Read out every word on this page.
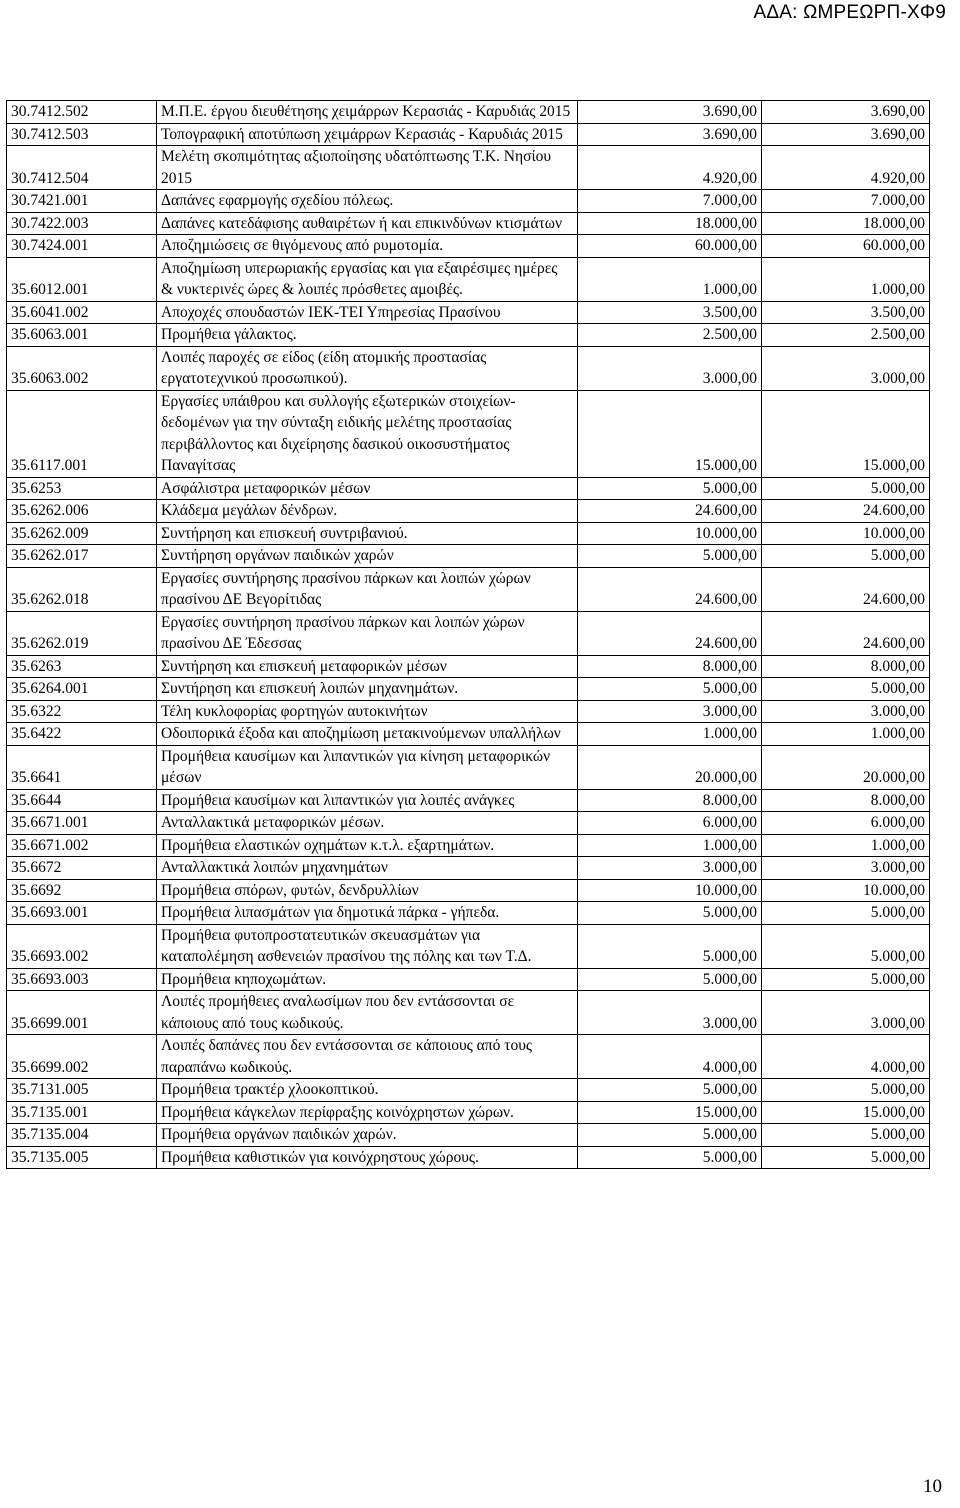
ΑΔΑ: ΩΜΡΕΩΡΠ-ΧΦ9
30.7412.502	Μ.Π.Ε. έργου διευθέτησης χειμάρρων Κερασιάς - Καρυδιάς 2015	3.690,00	3.690,00
30.7412.503	Τοπογραφική αποτύπωση χειμάρρων Κερασιάς - Καρυδιάς 2015	3.690,00	3.690,00
30.7412.504	Μελέτη σκοπιμότητας αξιοποίησης υδατόπτωσης Τ.Κ. Νησίου 2015	4.920,00	4.920,00
30.7421.001	Δαπάνες εφαρμογής σχεδίου πόλεως.	7.000,00	7.000,00
30.7422.003	Δαπάνες κατεδάφισης αυθαιρέτων ή και επικινδύνων κτισμάτων	18.000,00	18.000,00
30.7424.001	Αποζημιώσεις σε θιγόμενους από ρυμοτομία.	60.000,00	60.000,00
35.6012.001	Αποζημίωση υπερωριακής εργασίας και για εξαιρέσιμες ημέρες & νυκτερινές ώρες & λοιπές πρόσθετες αμοιβές.	1.000,00	1.000,00
35.6041.002	Αποχοχές σπουδαστών ΙΕΚ-ΤΕΙ Υπηρεσίας Πρασίνου	3.500,00	3.500,00
35.6063.001	Προμήθεια γάλακτος.	2.500,00	2.500,00
35.6063.002	Λοιπές παροχές σε είδος (είδη ατομικής προστασίας εργατοτεχνικού προσωπικού).	3.000,00	3.000,00
35.6117.001	Εργασίες υπάιθρου και συλλογής εξωτερικών στοιχείων-δεδομένων για την σύνταξη ειδικής μελέτης προστασίας περιβάλλοντος και διχείρησης δασικού οικοσυστήματος Παναγίτσας	15.000,00	15.000,00
35.6253	Ασφάλιστρα μεταφορικών μέσων	5.000,00	5.000,00
35.6262.006	Κλάδεμα μεγάλων δένδρων.	24.600,00	24.600,00
35.6262.009	Συντήρηση και επισκευή συντριβανιού.	10.000,00	10.000,00
35.6262.017	Συντήρηση οργάνων παιδικών χαρών	5.000,00	5.000,00
35.6262.018	Εργασίες συντήρησης πρασίνου πάρκων και λοιπών χώρων πρασίνου ΔΕ Βεγορίτιδας	24.600,00	24.600,00
35.6262.019	Εργασίες συντήρηση πρασίνου πάρκων και λοιπών χώρων πρασίνου ΔΕ Έδεσσας	24.600,00	24.600,00
35.6263	Συντήρηση και επισκευή μεταφορικών μέσων	8.000,00	8.000,00
35.6264.001	Συντήρηση και επισκευή λοιπών μηχανημάτων.	5.000,00	5.000,00
35.6322	Τέλη κυκλοφορίας φορτηγών αυτοκινήτων	3.000,00	3.000,00
35.6422	Οδοιπορικά έξοδα και αποζημίωση μετακινούμενων υπαλλήλων	1.000,00	1.000,00
35.6641	Προμήθεια καυσίμων και λιπαντικών για κίνηση μεταφορικών μέσων	20.000,00	20.000,00
35.6644	Προμήθεια καυσίμων και λιπαντικών για λοιπές ανάγκες	8.000,00	8.000,00
35.6671.001	Ανταλλακτικά μεταφορικών μέσων.	6.000,00	6.000,00
35.6671.002	Προμήθεια ελαστικών οχημάτων κ.τ.λ. εξαρτημάτων.	1.000,00	1.000,00
35.6672	Ανταλλακτικά λοιπών μηχανημάτων	3.000,00	3.000,00
35.6692	Προμήθεια σπόρων, φυτών, δενδρυλλίων	10.000,00	10.000,00
35.6693.001	Προμήθεια λιπασμάτων για δημοτικά πάρκα - γήπεδα.	5.000,00	5.000,00
35.6693.002	Προμήθεια φυτοπροστατευτικών σκευασμάτων για καταπολέμηση ασθενειών πρασίνου της πόλης και των Τ.Δ.	5.000,00	5.000,00
35.6693.003	Προμήθεια κηποχωμάτων.	5.000,00	5.000,00
35.6699.001	Λοιπές προμήθειες αναλωσίμων που δεν εντάσσονται σε κάποιους από τους κωδικούς.	3.000,00	3.000,00
35.6699.002	Λοιπές δαπάνες που δεν εντάσσονται σε κάποιους από τους παραπάνω κωδικούς.	4.000,00	4.000,00
35.7131.005	Προμήθεια τρακτέρ χλοοκοπτικού.	5.000,00	5.000,00
35.7135.001	Προμήθεια κάγκελων περίφραξης κοινόχρηστων χώρων.	15.000,00	15.000,00
35.7135.004	Προμήθεια οργάνων παιδικών χαρών.	5.000,00	5.000,00
35.7135.005	Προμήθεια καθιστικών για κοινόχρηστους χώρους.	5.000,00	5.000,00
10
